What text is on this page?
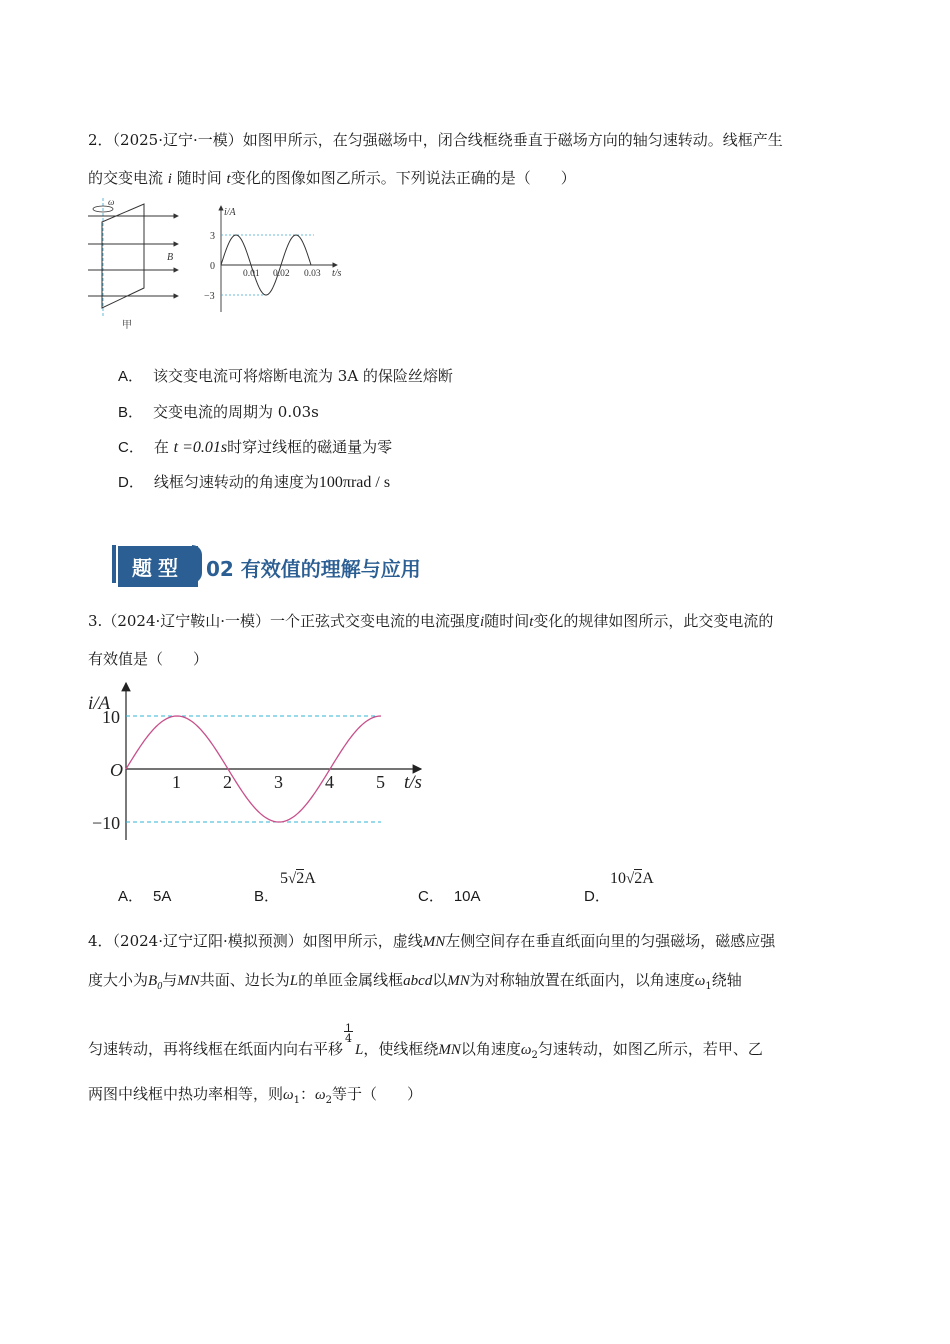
2．（2025·辽宁·一模）如图甲所示，在匀强磁场中，闭合线框绕垂直于磁场方向的轴匀速转动。线框产生
的交变电流 i 随时间 t变化的图像如图乙所示。下列说法正确的是（　　）
ω
B
甲
i/A
t/s
3
0
−3
0.01 0.02 0.03
A． 该交变电流可将熔断电流为 3A 的保险丝熔断
B． 交变电流的周期为 0.03s
C． 在 t =0.01s时穿过线框的磁通量为零
D． 线框匀速转动的角速度为100πrad / s
题型	02 有效值的理解与应用
3.（2024·辽宁鞍山·一模）一个正弦式交变电流的电流强度i随时间t变化的规律如图所示，此交变电流的
有效值是（　　）
1 2 3 4 5
10
−10
i/A
t/s
O
A． 5A	B．
5√2A
C． 10A	D．
10√2A
4．（2024·辽宁辽阳·模拟预测）如图甲所示，虚线MN左侧空间存在垂直纸面向里的匀强磁场，磁感应强
度大小为$B_0$与MN共面、边长为L的单匝金属线框abcd以MN为对称轴放置在纸面内，以角速度$\omega_1$绕轴
匀速转动，再将线框在纸面内向右平移
1
4
L，使线框绕MN以角速度$\omega_2$匀速转动，如图乙所示，若甲、乙
两图中线框中热功率相等，则$\omega_1$：$\omega_2$等于（　　）
